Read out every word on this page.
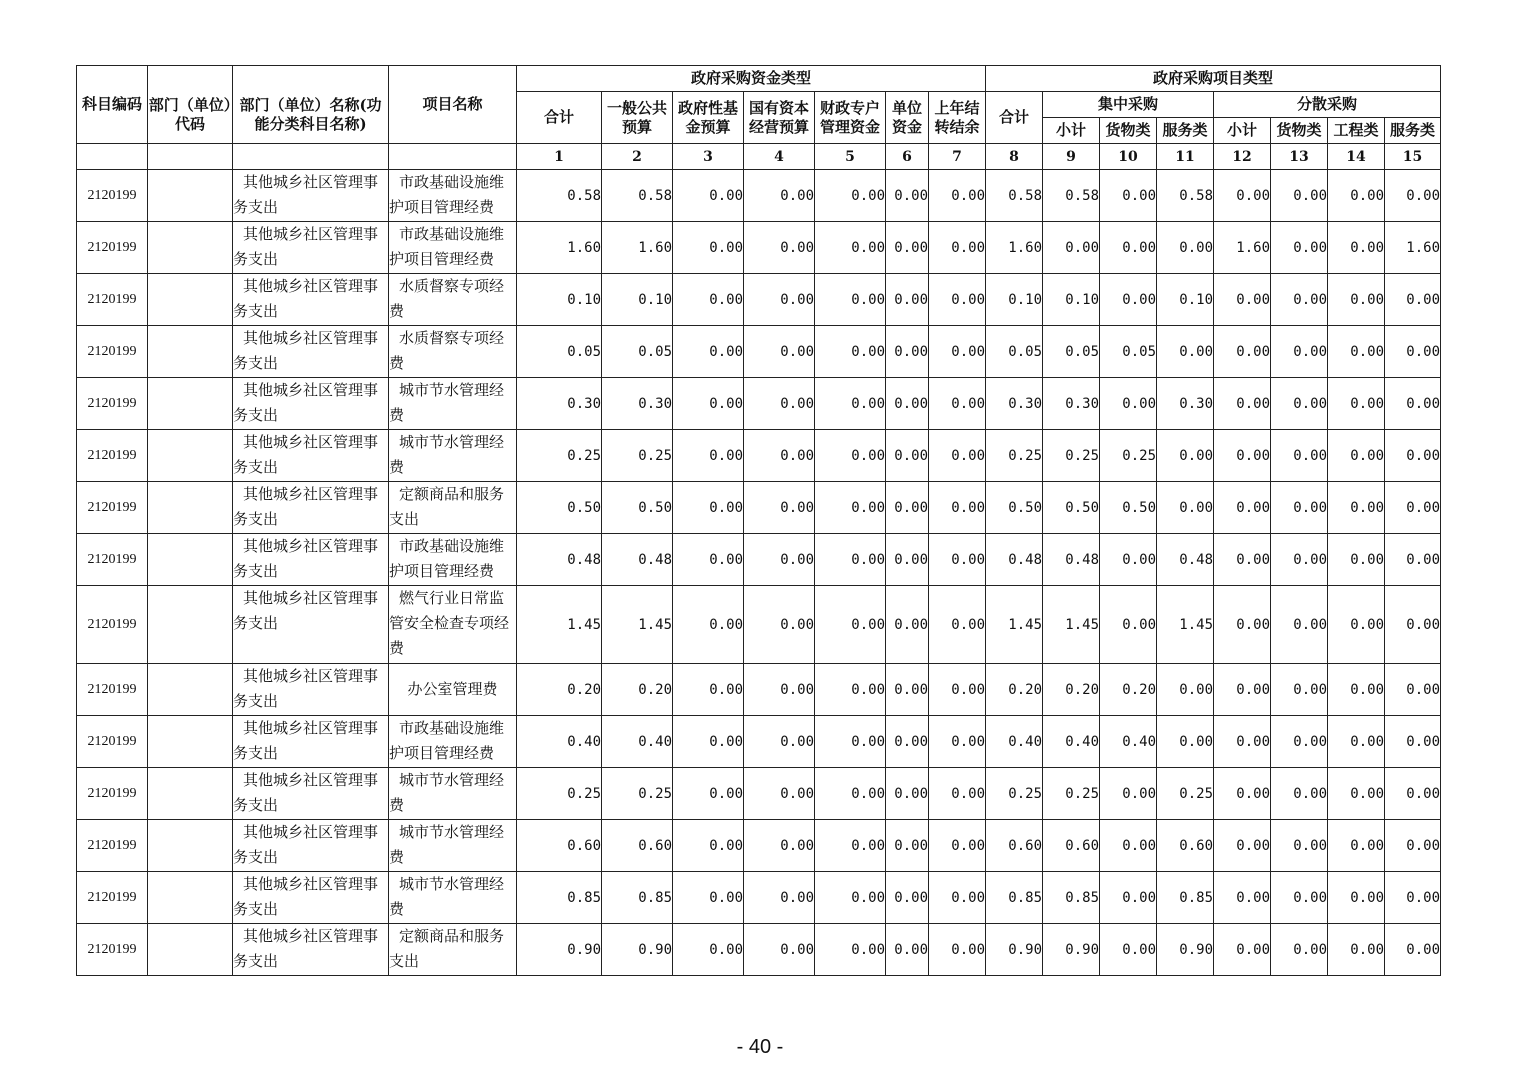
科目编码	部门（单位）代码	部门（单位）名称(功能分类科目名称)	项目名称	政府采购资金类型							政府采购项目类型							
				合计	一般公共预算	政府性基金预算	国有资本经营预算	财政专户管理资金	单位资金	上年结转结余	合计	集中采购			分散采购			
												小计	货物类	服务类	小计	货物类	工程类	服务类
				1	2	3	4	5	6	7	8	9	10	11	12	13	14	15
2120199		其他城乡社区管理事务支出	市政基础设施维护项目管理经费	0.58	0.58	0.00	0.00	0.00	0.00	0.00	0.58	0.58	0.00	0.58	0.00	0.00	0.00	0.00
2120199		其他城乡社区管理事务支出	市政基础设施维护项目管理经费	1.60	1.60	0.00	0.00	0.00	0.00	0.00	1.60	0.00	0.00	0.00	1.60	0.00	0.00	1.60
2120199		其他城乡社区管理事务支出	水质督察专项经费	0.10	0.10	0.00	0.00	0.00	0.00	0.00	0.10	0.10	0.00	0.10	0.00	0.00	0.00	0.00
2120199		其他城乡社区管理事务支出	水质督察专项经费	0.05	0.05	0.00	0.00	0.00	0.00	0.00	0.05	0.05	0.05	0.00	0.00	0.00	0.00	0.00
2120199		其他城乡社区管理事务支出	城市节水管理经费	0.30	0.30	0.00	0.00	0.00	0.00	0.00	0.30	0.30	0.00	0.30	0.00	0.00	0.00	0.00
2120199		其他城乡社区管理事务支出	城市节水管理经费	0.25	0.25	0.00	0.00	0.00	0.00	0.00	0.25	0.25	0.25	0.00	0.00	0.00	0.00	0.00
2120199		其他城乡社区管理事务支出	定额商品和服务支出	0.50	0.50	0.00	0.00	0.00	0.00	0.00	0.50	0.50	0.50	0.00	0.00	0.00	0.00	0.00
2120199		其他城乡社区管理事务支出	市政基础设施维护项目管理经费	0.48	0.48	0.00	0.00	0.00	0.00	0.00	0.48	0.48	0.00	0.48	0.00	0.00	0.00	0.00
2120199		其他城乡社区管理事务支出	燃气行业日常监管安全检查专项经费	1.45	1.45	0.00	0.00	0.00	0.00	0.00	1.45	1.45	0.00	1.45	0.00	0.00	0.00	0.00
2120199		其他城乡社区管理事务支出	办公室管理费	0.20	0.20	0.00	0.00	0.00	0.00	0.00	0.20	0.20	0.20	0.00	0.00	0.00	0.00	0.00
2120199		其他城乡社区管理事务支出	市政基础设施维护项目管理经费	0.40	0.40	0.00	0.00	0.00	0.00	0.00	0.40	0.40	0.40	0.00	0.00	0.00	0.00	0.00
2120199		其他城乡社区管理事务支出	城市节水管理经费	0.25	0.25	0.00	0.00	0.00	0.00	0.00	0.25	0.25	0.00	0.25	0.00	0.00	0.00	0.00
2120199		其他城乡社区管理事务支出	城市节水管理经费	0.60	0.60	0.00	0.00	0.00	0.00	0.00	0.60	0.60	0.00	0.60	0.00	0.00	0.00	0.00
2120199		其他城乡社区管理事务支出	城市节水管理经费	0.85	0.85	0.00	0.00	0.00	0.00	0.00	0.85	0.85	0.00	0.85	0.00	0.00	0.00	0.00
2120199		其他城乡社区管理事务支出	定额商品和服务支出	0.90	0.90	0.00	0.00	0.00	0.00	0.00	0.90	0.90	0.00	0.90	0.00	0.00	0.00	0.00
- 40 -
